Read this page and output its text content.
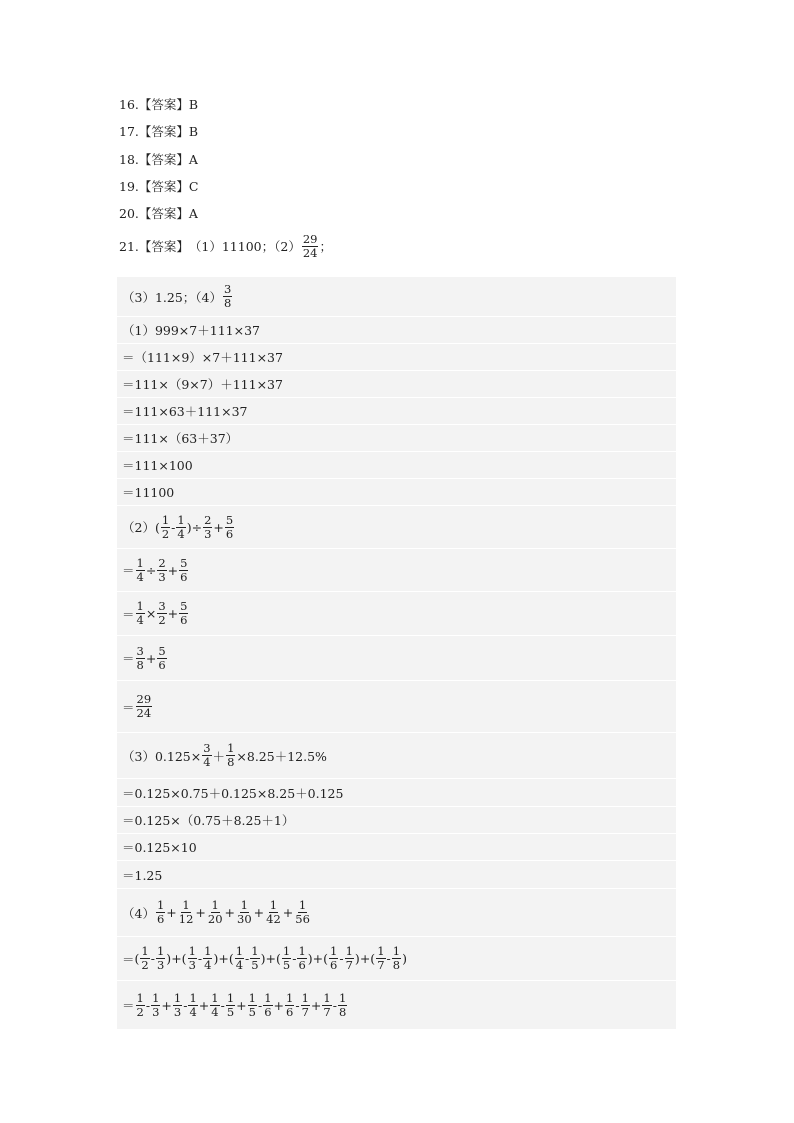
16.【答案】B
17.【答案】B
18.【答案】A
19.【答案】C
20.【答案】A
21. 【答案】 （1）11100；$(2) \frac{29}{24}$ ；
（3）1.25；$(4) \frac{3}{8}$
（1）999×7＋111×37
＝（111×9）×7＋111×37
＝111×（9×7）＋111×37
＝111×63＋111×37
＝111×（63＋37）
＝111×100
＝11100
$(2)( \frac{1}{2} - \frac{1}{4}$ )÷ $\frac{2}{3} + \frac{5}{6}$
＝ $\frac{1}{4} \div \frac{2}{3} + \frac{5}{6}$
＝ $\frac{1}{4} \times \frac{3}{2} + \frac{5}{6}$
＝ $\frac{3}{8} + \frac{5}{6}$
＝ $\frac{29}{24}$
$(3)0.125\times \frac{3}{4} + \frac{1}{8} \times 8.25+12.5\%$
＝0.125×0.75＋0.125×8.25＋0.125
＝0.125×（0.75＋8.25＋1）
＝0.125×10
＝1.25
$(4) \frac{1}{6} + \frac{1}{12} + \frac{1}{20} + \frac{1}{30} + \frac{1}{42} + \frac{1}{56}$
＝ ( $\frac{1}{2} - \frac{1}{3}$ ) + ( $\frac{1}{3} - \frac{1}{4}$ ) + ( $\frac{1}{4} - \frac{1}{5}$ ) + ( $\frac{1}{5} - \frac{1}{6}$ ) + ( $\frac{1}{6} - \frac{1}{7}$ ) + ( $\frac{1}{7} - \frac{1}{8}$ )
＝ $\frac{1}{2} - \frac{1}{3} + \frac{1}{3} - \frac{1}{4} + \frac{1}{4} - \frac{1}{5} + \frac{1}{5} - \frac{1}{6} + \frac{1}{6} - \frac{1}{7} + \frac{1}{7} - \frac{1}{8}$
